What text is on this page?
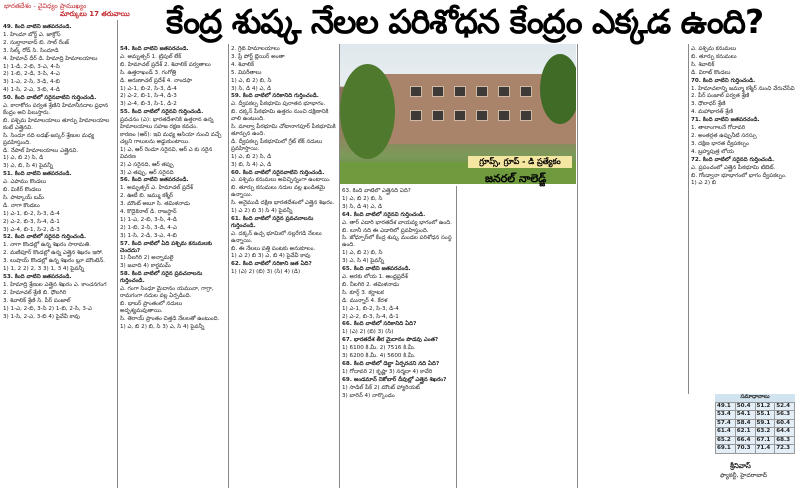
భారతదేశం - వైవిధ్యం ప్రాముఖ్యం
మార్కులు 17 తరువాయి కేంద్ర శుష్క నేలల పరిశోధన కేంద్రం ఎక్కడ ఉంది?

49. కింది వాటిని జతపరచండి.

1. హిందూ బోర్డ్ ఎ. జాక్రోస్

2. సుల్తానాబాద్ బి. సాల్ రేంజ్

3. సిల్క్ రోడ్ సి. సిందూడి

4. హిమాచ్ దీర్ డి. హిమాద్రి హిమాలయాలు

1) 1-డి, 2-బి, 3-ఎ, 4-సి

2) 1-బి, 2-డి, 3-సి, 4-ఎ

3) 1-ఎ, 2-సి, 3-డి, 4-బి

4) 1-సి, 2-ఎ, 3-బి, 4-డి

50. కింది వాటిలో సరైనవాటిని గుర్తించండి.

ఎ. కారాకోరం పర్వత శ్రేణిని హిమానీనదాల ప్రధాన కేంద్రం అని పిలుస్తారు.

బి. పశ్చిమ హిమాలయాలు తూర్పు హిమాలయాల కంటే ఎత్తైనవి.

సి. సిందూ నది లడఖ్-జస్కర్ శ్రేణుల మధ్య ప్రవహిస్తుంది.

డి. నేపాల్ హిమాలయాలు ఎత్తైనవి.

1) ఎ, బి 2) సి, డి

3) ఎ, బి, సి 4) పైవన్నీ

51. కింది వాటిని జతపరచండి.

ఎ. ఎపాము కొండలు

బి. మికిర్ కొండలు

సి. పాట్కాయ్ బమ్

డి. నాగా కొండలు

1) ఎ-1, బి-2, సి-3, డి-4

2) ఎ-2, బి-3, సి-4, డి-1

3) ఎ-4, బి-1, సి-2, డి-3

52. కింది వాటిలో సరైనది గుర్తించండి.

1. నాగా కొండల్లో ఉన్న శిఖరం సారామతి.

2. మణిపూర్ కొండల్లో ఉన్న ఎత్తైన శిఖరం ఇసో.

3. లుషాయ్ కొండల్లో ఉన్న శిఖరం బ్లూ మౌంటెన్.

1) 1, 2 2) 2, 3 3) 1, 3 4) పైవన్నీ

53. కింది వాటిని జతపరచండి.

1. హిమాద్రి శ్రేణుల ఎత్తైన శిఖరం ఎ. కాంచనగంగ

2. హిమాచల్ శ్రేణి బి. ధౌలగిరి

3. శివాలిక్ శ్రేణి సి. పీర్ పంజాల్

1) 1-ఎ, 2-బి, 3-సి 2) 1-బి, 2-సి, 3-ఎ

3) 1-సి, 2-ఎ, 3-బి 4) పైవేవీ కావు

54. కింది వాటిని జతపరచండి.

ఎ. అమృత్సర్ 1. ట్రిపుల్ లేక్

బి. హిమాచల్ ప్రదేశ్ 2. శివాలిక్ పర్వతాలు

సి. ఉత్తరాఖండ్ 3. గంగోత్రి

డి. అరుణాచల్ ప్రదేశ్ 4. నాందఫా

1) ఎ-1, బి-2, సి-3, డి-4

2) ఎ-2, బి-1, సి-4, డి-3

3) ఎ-4, బి-3, సి-1, డి-2

55. కింది వాటిలో సరైనవి గుర్తించండి.

ప్రవచనం (ఎ): భారతదేశానికి ఉత్తరాన ఉన్న హిమాలయాలు సహజ రక్షణ కవచం.

కారణం (ఆర్): ఇవి మధ్య ఆసియా నుంచి వచ్చే చల్లని గాలులను అడ్డుకుంటాయి.

1) ఎ, ఆర్ రెండూ సరైనవి, ఆర్ ఎ కు సరైన వివరణ

2) ఎ సరైనది, ఆర్ తప్పు

3) ఎ తప్పు, ఆర్ సరైనది

56. కింది వాటిని జతపరచండి.

1. అమృత్సర్ ఎ. హిమాచల్ ప్రదేశ్

2. ఊటీ బి. జమ్ము కశ్మీర్

3. మౌంట్ అబూ సి. తమిళనాడు

4. కొడైకెనాల్ డి. రాజస్థాన్

1) 1-ఎ, 2-బి, 3-సి, 4-డి

2) 1-బి, 2-సి, 3-డి, 4-ఎ

3) 1-సి, 2-డి, 3-ఎ, 4-బి

57. కింది వాటిలో ఏది పశ్చిమ కనుమలకు చెందదు?

1) నీలగిరి 2) అన్నామలై

3) జవాది 4) కార్డమమ్

58. కింది వాటిలో సరైన ప్రవచనాలను గుర్తించండి.

ఎ. గంగా సింధూ మైదానం యమునా, గాగ్రా, రామగంగా నదుల వల్ల ఏర్పడింది.

బి. భాబర్ ప్రాంతంలో నదులు అదృశ్యమవుతాయి.

సి. తెరాయ్ ప్రాంతం చిత్తడి నేలలతో ఉంటుంది.

1) ఎ, బి 2) బి, సి 3) ఎ, సి 4) పైవన్నీ

2. గ్రేట్ హిమాలయాలు

3. ప్రీ పోర్ట్ బ్లెయిర్ అంతా

4. శివాలిక్

5. విపరీతాలు

1) ఎ, బి 2) బి, సి

3) సి, డి 4) ఎ, డి

59. కింది వాటిలో సరికానిది గుర్తించండి.

ఎ. ద్వీపకల్ప పీఠభూమి పురాతన భూభాగం.

బి. దక్కన్ పీఠభూమి ఉత్తరం నుంచి దక్షిణానికి వాలి ఉంటుంది.

సి. మాల్వా పీఠభూమి చోటానాగపూర్ పీఠభూమికి తూర్పున ఉంది.

డి. ద్వీపకల్ప పీఠభూమిలో గ్రేట్ లేక్ నదులు ప్రవహిస్తాయి.

1) ఎ, బి 2) సి, డి

3) బి, సి 4) ఎ, డి

60. కింది వాటిలో సరైనవాటిని గుర్తించండి.

ఎ. పశ్చిమ కనుమలు అవిచ్ఛిన్నంగా ఉంటాయి.

బి. తూర్పు కనుమలు నదుల వల్ల ఖండితమై ఉన్నాయి.

సి. అనైముడి దక్షిణ భారతదేశంలో ఎత్తైన శిఖరం.

1) ఎ 2) బి 3) సి 4) పైవన్నీ

61. కింది వాటిలో సరైన ప్రవచనాలను గుర్తించండి.

ఎ. దక్కన్ ఉచ్చ భూమిలో నల్లరేగడి నేలలు ఉన్నాయి.

బి. ఈ నేలలు పత్తి పంటకు అనుకూలం.

1) ఎ 2) బి 3) ఎ, బి 4) పైవేవీ కావు

62. కింది వాటిలో సరికాని జత ఏది?

1) (ఎ) 2) (బి) 3) (సి) 4) (డి)

63. కింది వాటిలో ఎత్తైనది ఏది?

1) ఎ, బి 2) బి, సి

3) సి, డి 4) ఎ, డి

64. కింది వాటిలో సరైనవి గుర్తించండి.

ఎ. తార్ ఎడారి భారతదేశ వాయవ్య భాగంలో ఉంది.

బి. లూనీ నది ఈ ఎడారిలో ప్రవహిస్తుంది.

సి. జోధ్పూర్‌లో కేంద్ర శుష్క మండల పరిశోధన సంస్థ ఉంది.

1) ఎ, బి 2) బి, సి

3) ఎ, సి 4) పైవన్నీ

65. కింది వాటిని జతపరచండి.

ఎ. అరకు లోయ 1. ఆంధ్రప్రదేశ్

బి. నీలగిరి 2. తమిళనాడు

సి. కూర్గ్ 3. కర్ణాటక

డి. మున్నార్ 4. కేరళ

1) ఎ-1, బి-2, సి-3, డి-4

2) ఎ-2, బి-3, సి-4, డి-1

66. కింది వాటిలో సరికానిది ఏది?

1) (ఎ) 2) (బి) 3) (సి)

67. భారతదేశ తీర మైదానం పొడవు ఎంత?

1) 6100 కి.మీ. 2) 7516 కి.మీ.

3) 6200 కి.మీ. 4) 5600 కి.మీ.

68. కింది వాటిలో డెల్టా ఏర్పరచని నది ఏది?

1) గోదావరి 2) కృష్ణా 3) నర్మదా 4) కావేరి

69. అండమాన్ నికోబార్ దీవుల్లో ఎత్తైన శిఖరం?

1) సాడిల్ పీక్ 2) మౌంట్ హ్యారియట్

3) బారెన్ 4) నార్కొండం

ఎ. పశ్చిమ కనుమలు

బి. తూర్పు కనుమలు

సి. శివాలిక్

డి. విరాట్ కొండలు

70. కింది వాటిని గుర్తించండి.

1. హిమాచలాన్ని జమ్మూ కశ్మీర్ నుంచి వేరుచేసేవి

2. పీర్ పంజాల్ పర్వత శ్రేణి

3. ధౌలాధర్ శ్రేణి

4. మహాభారత్ శ్రేణి

71. కింది వాటిని జతపరచండి.

1. తాలాంగాలనే గోదావరి

2. అంతర్గత ఉప్పునీటి సరస్సు

3. దక్షిణ భారత ద్వీపకల్పం

4. బ్రహ్మపుత్ర లోయ

72. కింది వాటిలో సరైనది గుర్తించండి.

ఎ. ప్రపంచంలో ఎత్తైన పీఠభూమి టిబెట్.

బి. గోండ్వానా భూభాగంలో భాగం ద్వీపకల్పం.

1) ఎ 2) బి

గ్రూప్స్, గ్రూప్ - డి ప్రత్యేకం
జనరల్ నాలెడ్జ్
సమాధానాలు
49.1	50.4	51.2	52.4
53.4	54.1	55.1	56.3
57.4	58.4	59.1	60.4
61.4	62.1	63.2	64.4
65.2	66.4	67.1	68.3
69.1	70.3	71.4	72.3
శ్రీనివాస్
ఫ్యాకల్టీ, హైదరాబాద్
